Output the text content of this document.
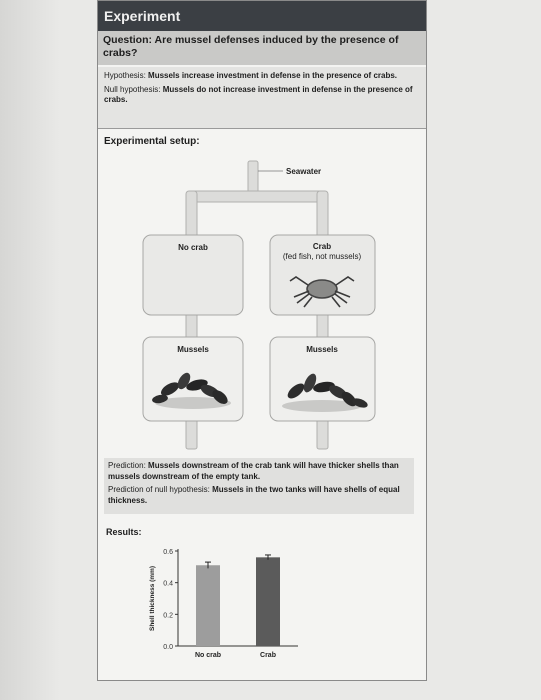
Experiment
Question: Are mussel defenses induced by the presence of crabs?

Hypothesis: Mussels increase investment in defense in the presence of crabs.

Null hypothesis: Mussels do not increase investment in defense in the presence of crabs.

Experimental setup:
Seawater
No crab	Crab
(fed fish, not mussels)
Mussels	Mussels

Prediction: Mussels downstream of the crab tank will have thicker shells than mussels downstream of the empty tank.

Prediction of null hypothesis: Mussels in the two tanks will have shells of equal thickness.

Results:
0.0
0.2
0.4
0.6
Shell thickness (mm)
No crab	Crab
